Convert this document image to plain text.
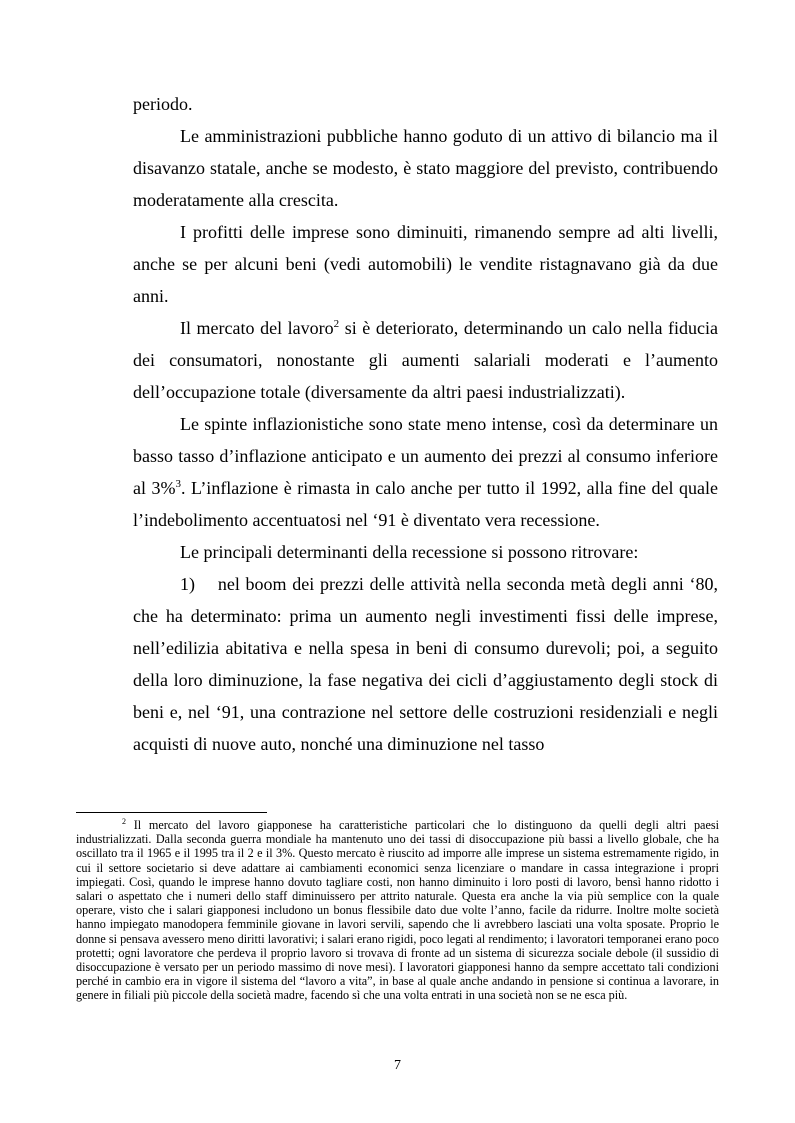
periodo.

Le amministrazioni pubbliche hanno goduto di un attivo di bilancio ma il disavanzo statale, anche se modesto, è stato maggiore del previsto, contribuendo moderatamente alla crescita.

I profitti delle imprese sono diminuiti, rimanendo sempre ad alti livelli, anche se per alcuni beni (vedi automobili) le vendite ristagnavano già da due anni.

Il mercato del lavoro$^2$ si è deteriorato, determinando un calo nella fiducia dei consumatori, nonostante gli aumenti salariali moderati e l’aumento dell’occupazione totale (diversamente da altri paesi industrializzati).

Le spinte inflazionistiche sono state meno intense, così da determinare un basso tasso d’inflazione anticipato e un aumento dei prezzi al consumo inferiore al 3%$^3$. L’inflazione è rimasta in calo anche per tutto il 1992, alla fine del quale l’indebolimento accentuatosi nel ‘91 è diventato vera recessione.

Le principali determinanti della recessione si possono ritrovare:

1) nel boom dei prezzi delle attività nella seconda metà degli anni ‘80, che ha determinato: prima un aumento negli investimenti fissi delle imprese, nell’edilizia abitativa e nella spesa in beni di consumo durevoli; poi, a seguito della loro diminuzione, la fase negativa dei cicli d’aggiustamento degli stock di beni e, nel ‘91, una contrazione nel settore delle costruzioni residenziali e negli acquisti di nuove auto, nonché una diminuzione nel tasso

$^2$ Il mercato del lavoro giapponese ha caratteristiche particolari che lo distinguono da quelli degli altri paesi industrializzati. Dalla seconda guerra mondiale ha mantenuto uno dei tassi di disoccupazione più bassi a livello globale, che ha oscillato tra il 1965 e il 1995 tra il 2 e il 3%. Questo mercato è riuscito ad imporre alle imprese un sistema estremamente rigido, in cui il settore societario si deve adattare ai cambiamenti economici senza licenziare o mandare in cassa integrazione i propri impiegati. Così, quando le imprese hanno dovuto tagliare costi, non hanno diminuito i loro posti di lavoro, bensì hanno ridotto i salari o aspettato che i numeri dello staff diminuissero per attrito naturale. Questa era anche la via più semplice con la quale operare, visto che i salari giapponesi includono un bonus flessibile dato due volte l’anno, facile da ridurre. Inoltre molte società hanno impiegato manodopera femminile giovane in lavori servili, sapendo che li avrebbero lasciati una volta sposate. Proprio le donne si pensava avessero meno diritti lavorativi; i salari erano rigidi, poco legati al rendimento; i lavoratori temporanei erano poco protetti; ogni lavoratore che perdeva il proprio lavoro si trovava di fronte ad un sistema di sicurezza sociale debole (il sussidio di disoccupazione è versato per un periodo massimo di nove mesi). I lavoratori giapponesi hanno da sempre accettato tali condizioni perché in cambio era in vigore il sistema del “lavoro a vita”, in base al quale anche andando in pensione si continua a lavorare, in genere in filiali più piccole della società madre, facendo sì che una volta entrati in una società non se ne esca più.

7
